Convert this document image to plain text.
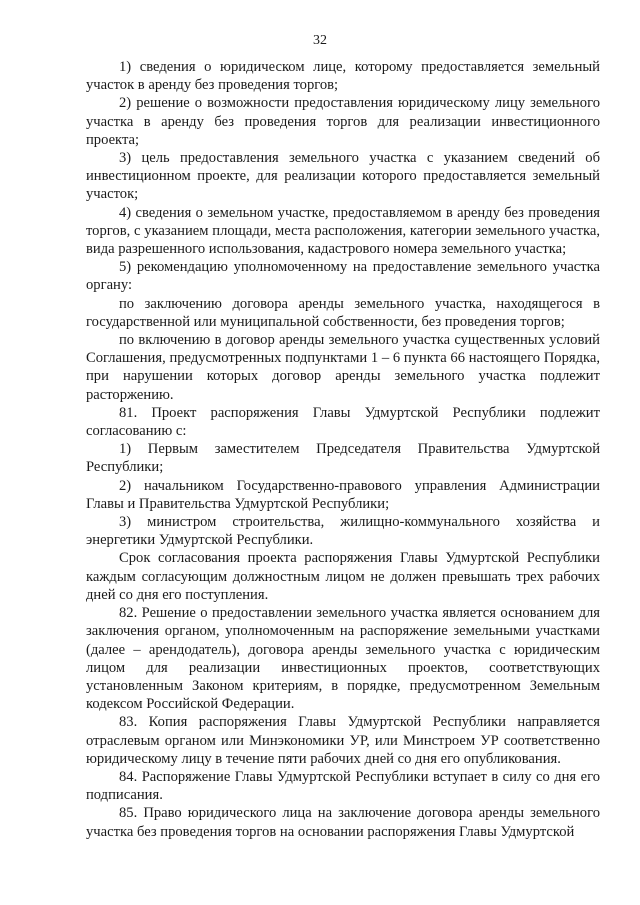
32

1) сведения о юридическом лице, которому предоставляется земельный участок в аренду без проведения торгов;

2) решение о возможности предоставления юридическому лицу земельного участка в аренду без проведения торгов для реализации инвестиционного проекта;

3) цель предоставления земельного участка с указанием сведений об инвестиционном проекте, для реализации которого предоставляется земельный участок;

4) сведения о земельном участке, предоставляемом в аренду без проведения торгов, с указанием площади, места расположения, категории земельного участка, вида разрешенного использования, кадастрового номера земельного участка;

5) рекомендацию уполномоченному на предоставление земельного участка органу:

по заключению договора аренды земельного участка, находящегося в государственной или муниципальной собственности, без проведения торгов;

по включению в договор аренды земельного участка существенных условий Соглашения, предусмотренных подпунктами 1 – 6 пункта 66 настоящего Порядка, при нарушении которых договор аренды земельного участка подлежит расторжению.

81. Проект распоряжения Главы Удмуртской Республики подлежит согласованию с:

1) Первым заместителем Председателя Правительства Удмуртской Республики;

2) начальником Государственно-правового управления Администрации Главы и Правительства Удмуртской Республики;

3) министром строительства, жилищно-коммунального хозяйства и энергетики Удмуртской Республики.

Срок согласования проекта распоряжения Главы Удмуртской Республики каждым согласующим должностным лицом не должен превышать трех рабочих дней со дня его поступления.

82. Решение о предоставлении земельного участка является основанием для заключения органом, уполномоченным на распоряжение земельными участками (далее – арендодатель), договора аренды земельного участка с юридическим лицом для реализации инвестиционных проектов, соответствующих установленным Законом критериям, в порядке, предусмотренном Земельным кодексом Российской Федерации.

83. Копия распоряжения Главы Удмуртской Республики направляется отраслевым органом или Минэкономики УР, или Минстроем УР соответственно юридическому лицу в течение пяти рабочих дней со дня его опубликования.

84. Распоряжение Главы Удмуртской Республики вступает в силу со дня его подписания.

85. Право юридического лица на заключение договора аренды земельного участка без проведения торгов на основании распоряжения Главы Удмуртской
